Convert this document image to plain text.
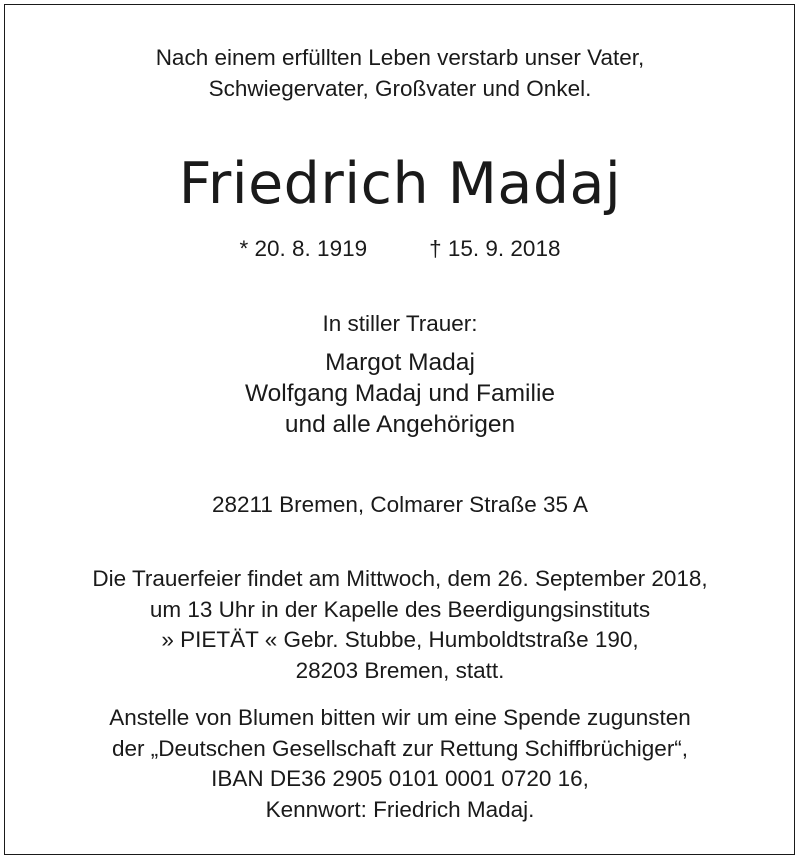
Nach einem erfüllten Leben verstarb unser Vater,
Schwiegervater, Großvater und Onkel.
Friedrich Madaj
* 20. 8. 1919	† 15. 9. 2018
In stiller Trauer:
Margot Madaj
Wolfgang Madaj und Familie
und alle Angehörigen
28211 Bremen, Colmarer Straße 35 A
Die Trauerfeier findet am Mittwoch, dem 26. September 2018,
um 13 Uhr in der Kapelle des Beerdigungsinstituts
» PIETÄT « Gebr. Stubbe, Humboldtstraße 190,
28203 Bremen, statt.
Anstelle von Blumen bitten wir um eine Spende zugunsten
der „Deutschen Gesellschaft zur Rettung Schiffbrüchiger“,
IBAN DE36 2905 0101 0001 0720 16,
Kennwort: Friedrich Madaj.
